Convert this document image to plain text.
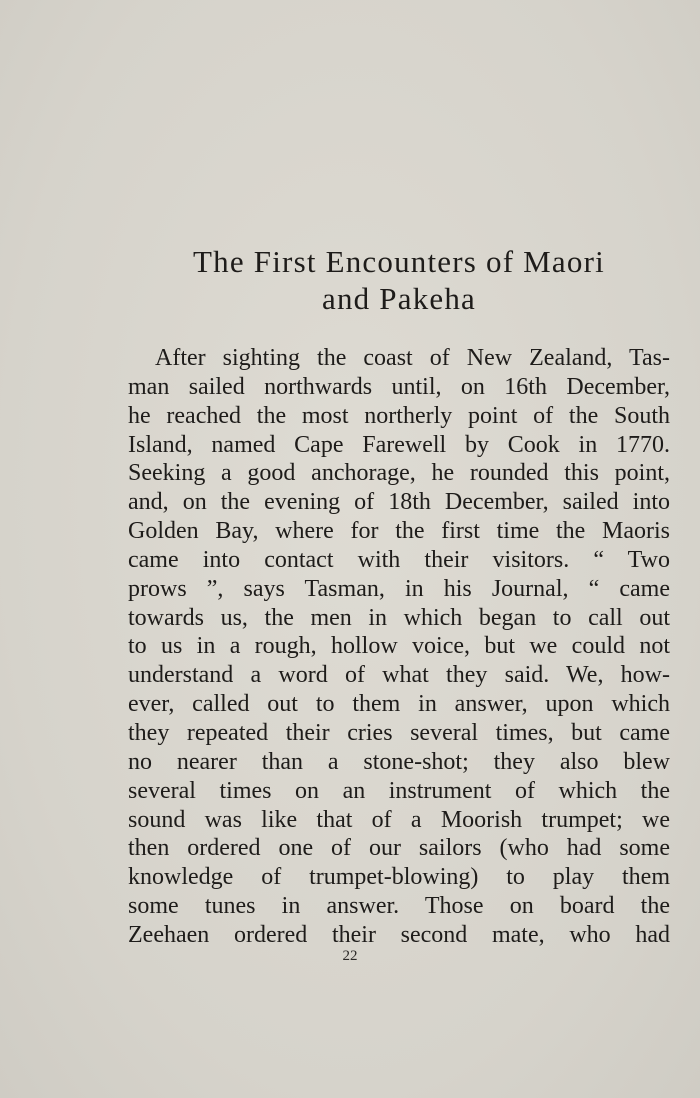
The First Encounters of Maori
and Pakeha
After sighting the coast of New Zealand, Tas-
man sailed northwards until, on 16th December,
he reached the most northerly point of the South
Island, named Cape Farewell by Cook in 1770.
Seeking a good anchorage, he rounded this point,
and, on the evening of 18th December, sailed into
Golden Bay, where for the first time the Maoris
came into contact with their visitors. “ Two
prows ”, says Tasman, in his Journal, “ came
towards us, the men in which began to call out
to us in a rough, hollow voice, but we could not
understand a word of what they said. We, how-
ever, called out to them in answer, upon which
they repeated their cries several times, but came
no nearer than a stone-shot; they also blew
several times on an instrument of which the
sound was like that of a Moorish trumpet; we
then ordered one of our sailors (who had some
knowledge of trumpet-blowing) to play them
some tunes in answer. Those on board the
Zeehaen ordered their second mate, who had
22
